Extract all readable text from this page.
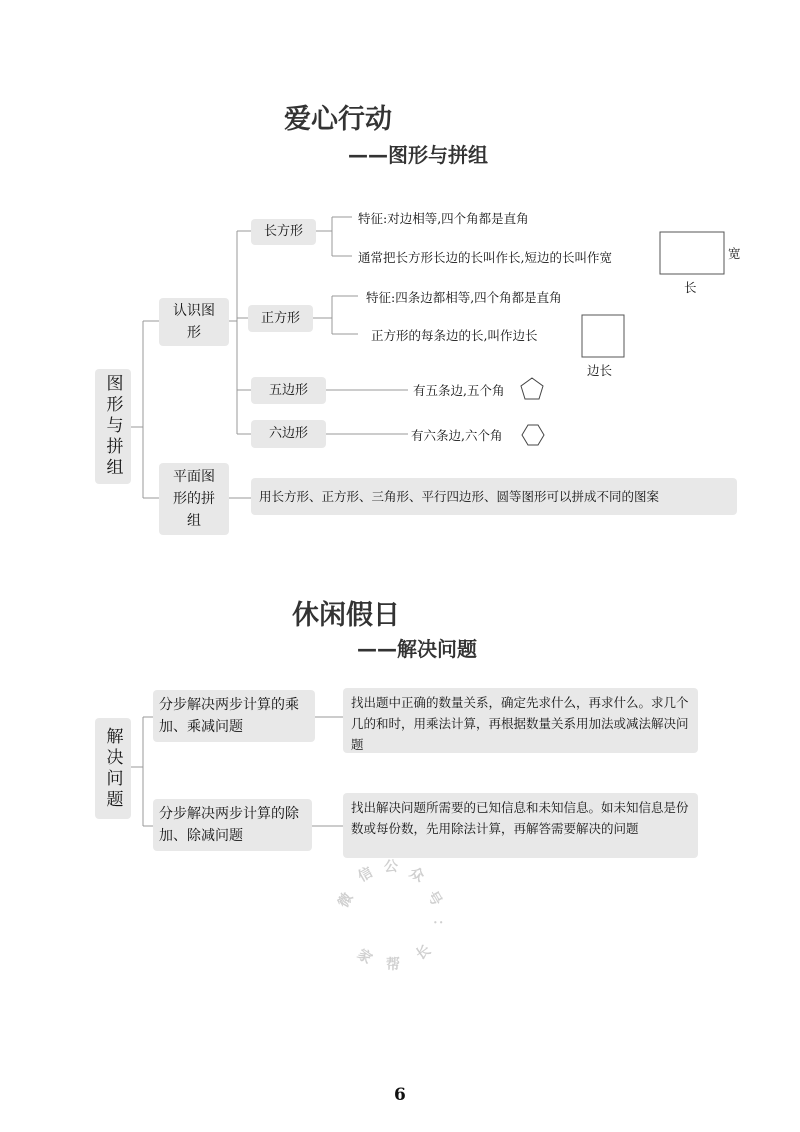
爱心行动
——图形与拼组
图形与拼组
认识图形
平面图形的拼组
长方形
正方形
五边形
六边形
特征:对边相等,四个角都是直角
通常把长方形长边的长叫作长,短边的长叫作宽	宽
长
特征:四条边都相等,四个角都是直角
正方形的每条边的长,叫作边长
边长
有五条边,五个角
有六条边,六个角
用长方形、正方形、三角形、平行四边形、圆等图形可以拼成不同的图案
休闲假日
——解决问题
解决问题
分步解决两步计算的乘加、乘减问题
分步解决两步计算的除加、除减问题
找出题中正确的数量关系，确定先求什么，再求什么。求几个几的和时，用乘法计算，再根据数量关系用加法或减法解决问题
找出解决问题所需要的已知信息和未知信息。如未知信息是份数或每份数，先用除法计算，再解答需要解决的问题
微
信 公 众
号
：
长
帮
家
6
